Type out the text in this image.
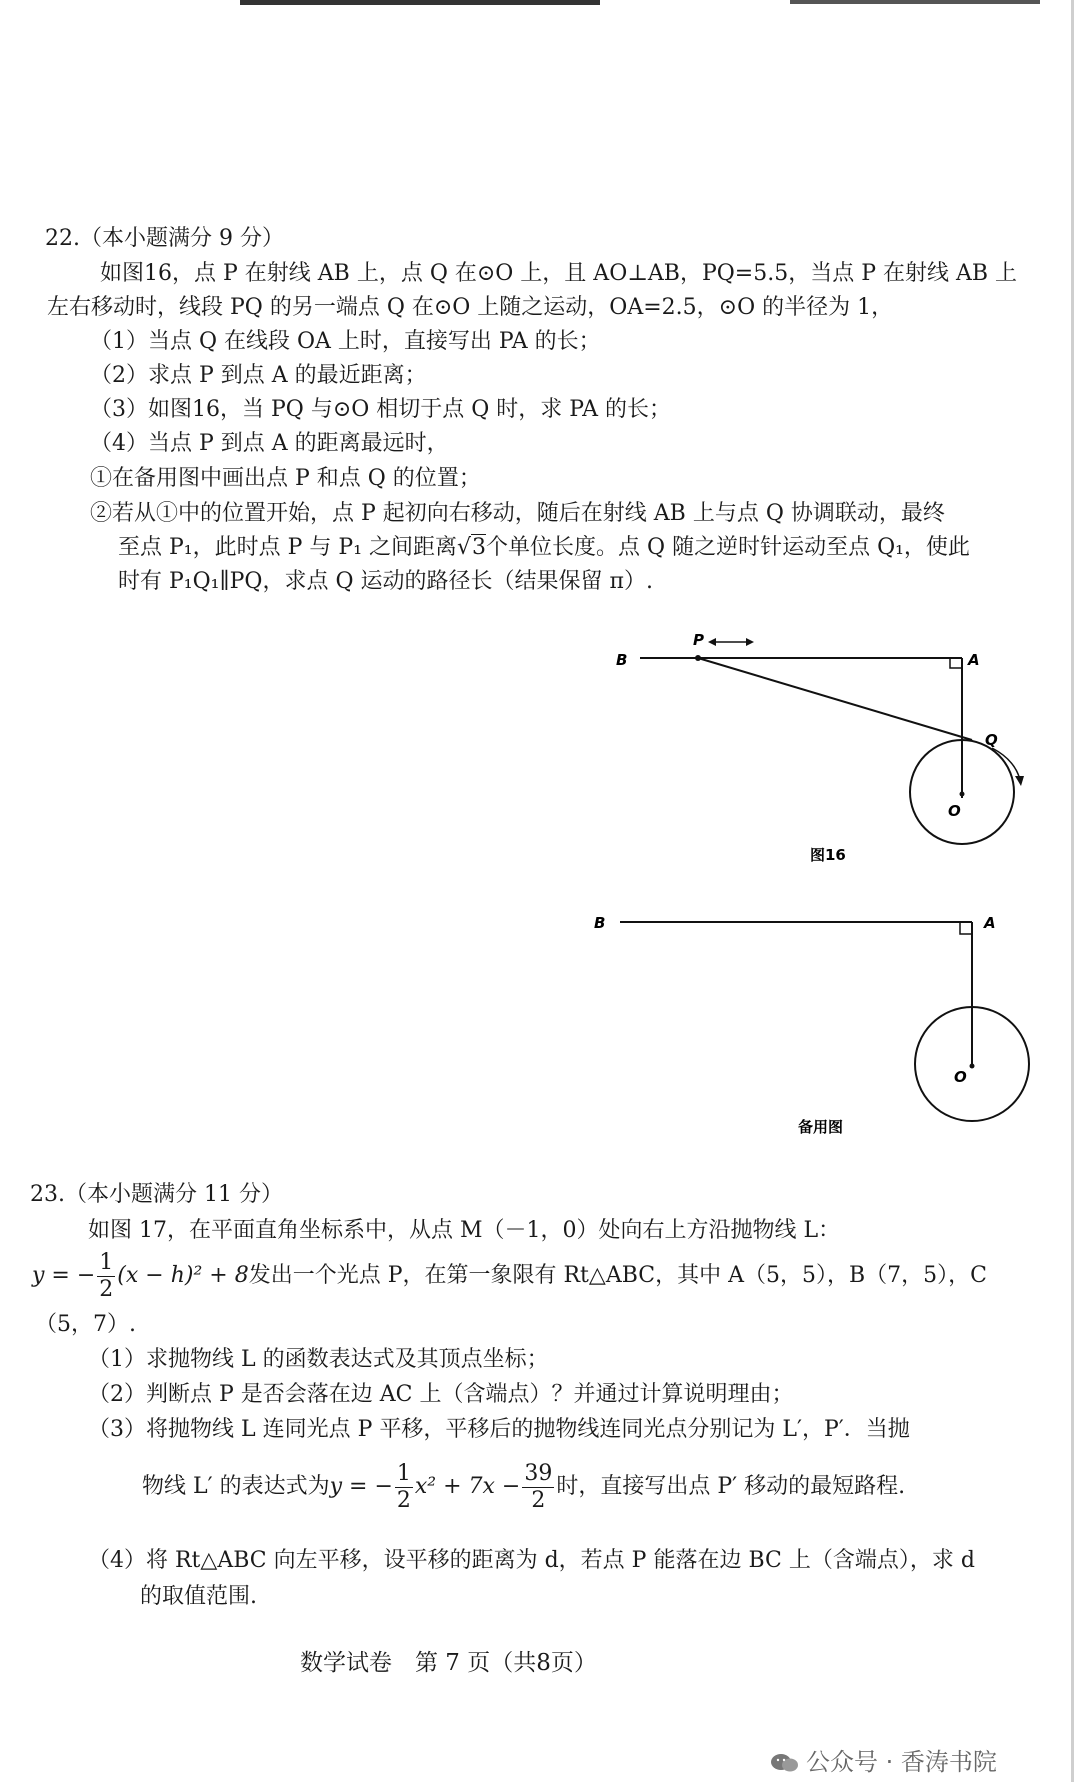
22.（本小题满分 9 分）
如图16，点 P 在射线 AB 上，点 Q 在⊙O 上，且 AO⊥AB，PQ=5.5，当点 P 在射线 AB 上
左右移动时，线段 PQ 的另一端点 Q 在⊙O 上随之运动，OA=2.5，⊙O 的半径为 1，
（1）当点 Q 在线段 OA 上时，直接写出 PA 的长；
（2）求点 P 到点 A 的最近距离；
（3）如图16，当 PQ 与⊙O 相切于点 Q 时，求 PA 的长；
（4）当点 P 到点 A 的距离最远时，
①在备用图中画出点 P 和点 Q 的位置；
②若从①中的位置开始，点 P 起初向右移动，随后在射线 AB 上与点 Q 协调联动，最终
至点 P₁，此时点 P 与 P₁ 之间距离√3个单位长度。点 Q 随之逆时针运动至点 Q₁，使此
时有 P₁Q₁∥PQ，求点 Q 运动的路径长（结果保留 π）.
B
P
A
Q
O
图16
B	A
O
备用图
23.（本小题满分 11 分）
如图 17，在平面直角坐标系中，从点 M（－1，0）处向右上方沿抛物线 L：
y = − $\frac{1}{2} (x - h)^2 + 8$发出一个光点 P，在第一象限有 Rt△ABC，其中 A（5，5），B（7，5），C
（5，7）.
（1）求抛物线 L 的函数表达式及其顶点坐标；
（2）判断点 P 是否会落在边 AC 上（含端点）？并通过计算说明理由；
（3）将抛物线 L 连同光点 P 平移，平移后的抛物线连同光点分别记为 L′，P′．当抛
物线 L′ 的表达式为y = − $\frac{1}{2} x^2 + 7x - \frac{39}{2}$ 时，直接写出点 P′ 移动的最短路程.
（4）将 Rt△ABC 向左平移，设平移的距离为 d，若点 P 能落在边 BC 上（含端点），求 d
的取值范围.
数学试卷　第 7 页（共8页）
公众号 · 香涛书院
